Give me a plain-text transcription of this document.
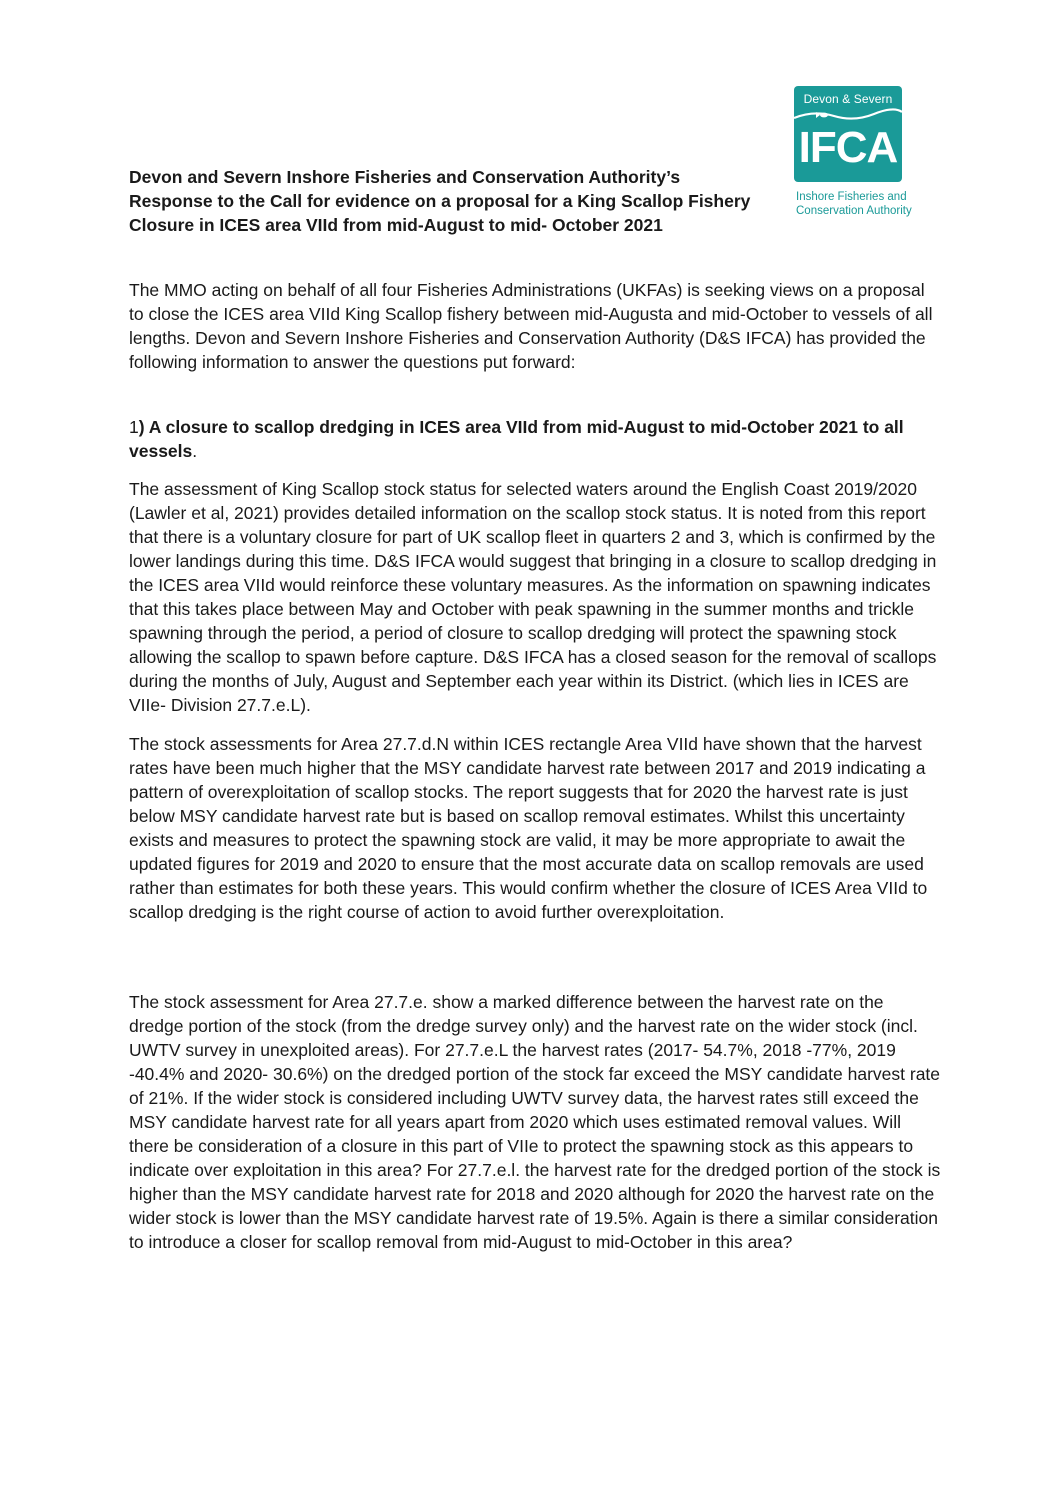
Devon & Severn
IFCA
Inshore Fisheries and
Conservation Authority

Devon and Severn Inshore Fisheries and Conservation Authority’s Response to the Call for evidence on a proposal for a King Scallop Fishery Closure in ICES area VIId from mid-August to mid- October 2021

The MMO acting on behalf of all four Fisheries Administrations (UKFAs) is seeking views on a proposal to close the ICES area VIId King Scallop fishery between mid-Augusta and mid-October to vessels of all lengths. Devon and Severn Inshore Fisheries and Conservation Authority (D&S IFCA) has provided the following information to answer the questions put forward:

1) A closure to scallop dredging in ICES area VIId from mid-August to mid-October 2021 to all vessels.

The assessment of King Scallop stock status for selected waters around the English Coast 2019/2020 (Lawler et al, 2021) provides detailed information on the scallop stock status. It is noted from this report that there is a voluntary closure for part of UK scallop fleet in quarters 2 and 3, which is confirmed by the lower landings during this time. D&S IFCA would suggest that bringing in a closure to scallop dredging in the ICES area VIId would reinforce these voluntary measures. As the information on spawning indicates that this takes place between May and October with peak spawning in the summer months and trickle spawning through the period, a period of closure to scallop dredging will protect the spawning stock allowing the scallop to spawn before capture. D&S IFCA has a closed season for the removal of scallops during the months of July, August and September each year within its District. (which lies in ICES are VIIe- Division 27.7.e.L).

The stock assessments for Area 27.7.d.N within ICES rectangle Area VIId have shown that the harvest rates have been much higher that the MSY candidate harvest rate between 2017 and 2019 indicating a pattern of overexploitation of scallop stocks. The report suggests that for 2020 the harvest rate is just below MSY candidate harvest rate but is based on scallop removal estimates. Whilst this uncertainty exists and measures to protect the spawning stock are valid, it may be more appropriate to await the updated figures for 2019 and 2020 to ensure that the most accurate data on scallop removals are used rather than estimates for both these years. This would confirm whether the closure of ICES Area VIId to scallop dredging is the right course of action to avoid further overexploitation.

The stock assessment for Area 27.7.e. show a marked difference between the harvest rate on the dredge portion of the stock (from the dredge survey only) and the harvest rate on the wider stock (incl. UWTV survey in unexploited areas). For 27.7.e.L the harvest rates (2017- 54.7%, 2018 -77%, 2019 -40.4% and 2020- 30.6%) on the dredged portion of the stock far exceed the MSY candidate harvest rate of 21%. If the wider stock is considered including UWTV survey data, the harvest rates still exceed the MSY candidate harvest rate for all years apart from 2020 which uses estimated removal values. Will there be consideration of a closure in this part of VIIe to protect the spawning stock as this appears to indicate over exploitation in this area? For 27.7.e.l. the harvest rate for the dredged portion of the stock is higher than the MSY candidate harvest rate for 2018 and 2020 although for 2020 the harvest rate on the wider stock is lower than the MSY candidate harvest rate of 19.5%. Again is there a similar consideration to introduce a closer for scallop removal from mid-August to mid-October in this area?
